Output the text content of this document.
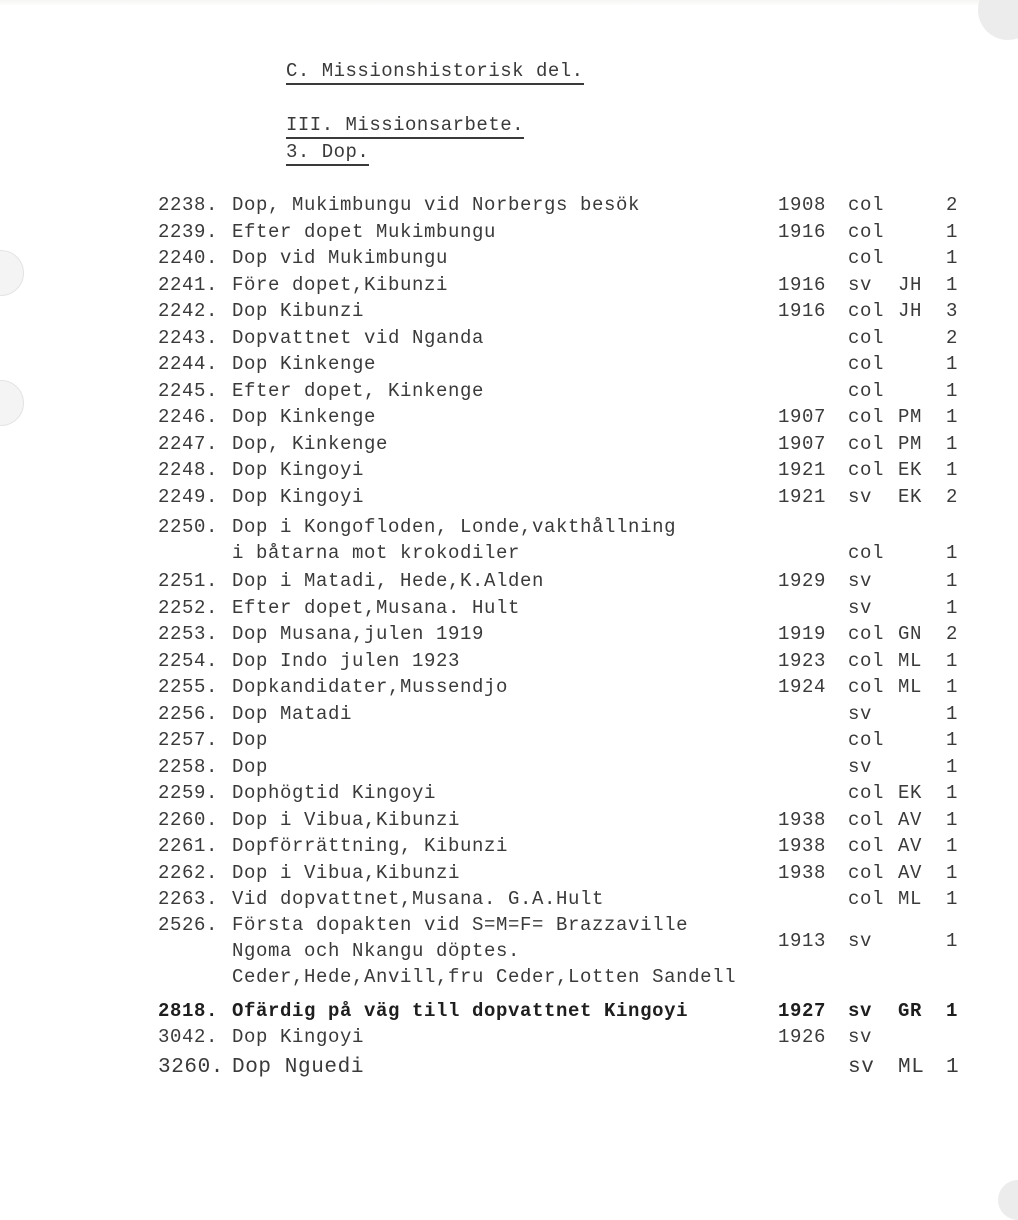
C. Missionshistorisk del.
III. Missionsarbete.
3. Dop.
2238. Dop, Mukimbungu vid Norbergs besök	1908 col	2
2239. Efter dopet Mukimbungu	1916 col	1
2240. Dop vid Mukimbungu	col	1
2241. Före dopet,Kibunzi	1916 sv JH 1
2242. Dop Kibunzi	1916 col JH 3
2243. Dopvattnet vid Nganda	col	2
2244. Dop Kinkenge	col	1
2245. Efter dopet, Kinkenge	col	1
2246. Dop Kinkenge	1907 col PM 1
2247. Dop, Kinkenge	1907 col PM 1
2248. Dop Kingoyi	1921 col EK 1
2249. Dop Kingoyi	1921 sv EK 2
2250. Dop i Kongofloden, Londe,vakthållning
i båtarna mot krokodiler	col	1
2251. Dop i Matadi, Hede,K.Alden	1929 sv	1
2252. Efter dopet,Musana. Hult	sv	1
2253. Dop Musana,julen 1919	1919 col GN 2
2254. Dop Indo julen 1923	1923 col ML 1
2255. Dopkandidater,Mussendjo	1924 col ML 1
2256. Dop Matadi	sv	1
2257. Dop	col	1
2258. Dop	sv	1
2259. Dophögtid Kingoyi	col EK 1
2260. Dop i Vibua,Kibunzi	1938 col AV 1
2261. Dopförrättning, Kibunzi	1938 col AV 1
2262. Dop i Vibua,Kibunzi	1938 col AV 1
2263. Vid dopvattnet,Musana. G.A.Hult	col ML 1
2526. Första dopakten vid S=M=F= Brazzaville
Ngoma och Nkangu döptes.
Ceder,Hede,Anvill,fru Ceder,Lotten Sandell
1913 sv	1
2818. Ofärdig på väg till dopvattnet Kingoyi	1927 sv GR 1
3042. Dop Kingoyi	1926 sv
3260. Dop Nguedi	sv ML 1
